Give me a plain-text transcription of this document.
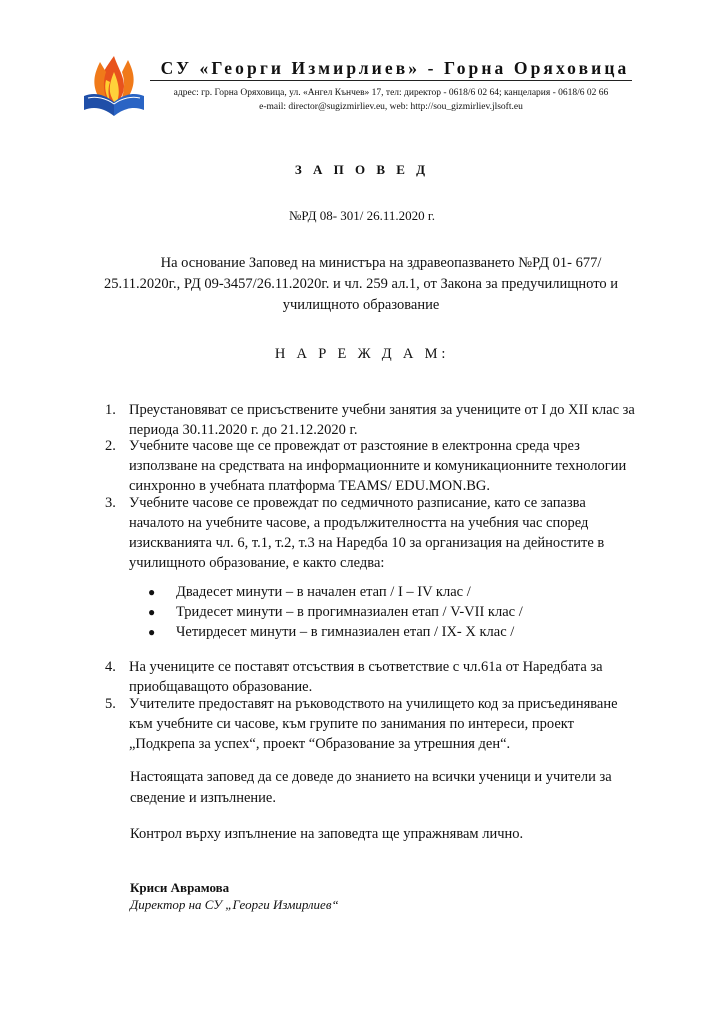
СУ «Георги Измирлиев» - Горна Оряховица
адрес: гр. Горна Оряховица, ул. «Ангел Кънчев» 17, тел: директор - 0618/6 02 64; канцелария - 0618/6 02 66
e-mail: director@sugizmirliev.eu, web: http://sou_gizmirliev.jlsoft.eu
З А П О В Е Д
№РД 08- 301/ 26.11.2020 г.
На основание Заповед на министъра на здравеопазването №РД 01- 677/
25.11.2020г., РД 09-3457/26.11.2020г. и чл. 259 ал.1, от Закона за предучилищното и
училищното образование
Н А Р Е Ж Д А М:
1. Преустановяват се присъствените учебни занятия за учениците от I до XII клас за
периода 30.11.2020 г. до 21.12.2020 г.
2. Учебните часове ще се провеждат от разстояние в електронна среда чрез
използване на средствата на информационните и комуникационните технологии
синхронно в учебната платформа TEAMS/ EDU.MON.BG.
3. Учебните часове се провеждат по седмичното разписание, като се запазва
началото на учебните часове, а продължителността на учебния час според
изискванията чл. 6, т.1, т.2, т.3 на Наредба 10 за организация на дейностите в
училищното образование, е както следва:
● Двадесет минути – в начален етап / I – IV клас /
● Тридесет минути – в прогимназиален етап / V-VII клас /
● Четирдесет минути – в гимназиален етап / IX- X клас /
4. На учениците се поставят отсъствия в съответствие с чл.61а от Наредбата за
приобщаващото образование.
5. Учителите предоставят на ръководството на училището код за присъединяване
към учебните си часове, към групите по занимания по интереси, проект
„Подкрепа за успех“, проект “Образование за утрешния ден“.
Настоящата заповед да се доведе до знанието на всички ученици и учители за
сведение и изпълнение.
Контрол върху изпълнение на заповедта ще упражнявам лично.
Криси Аврамова
Директор на СУ „Георги Измирлиев“
